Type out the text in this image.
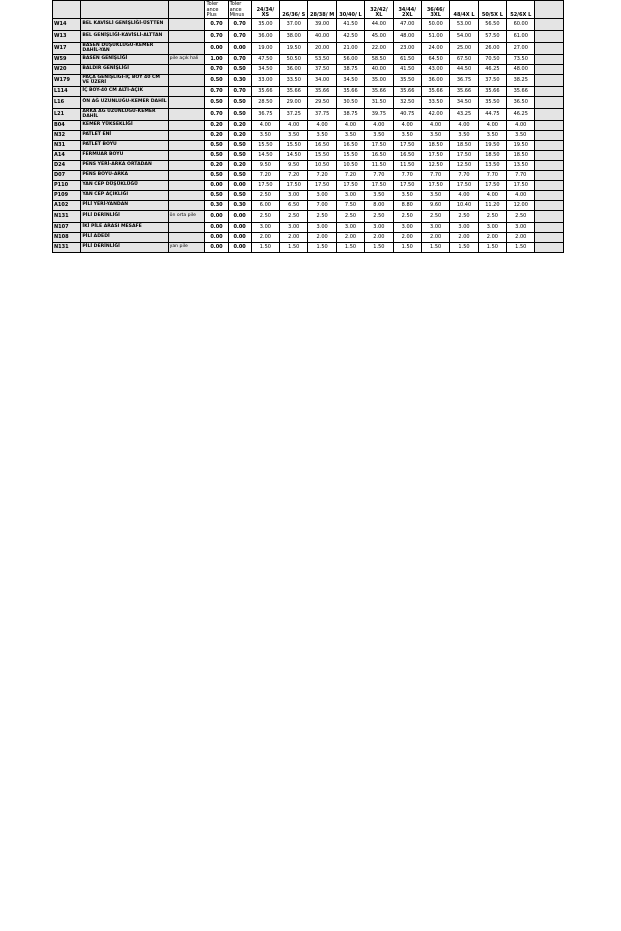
			Toler ance Plus	Toler ance Minus	24/34/ XS	26/36/ S	28/38/ M	30/40/ L	32/42/ XL	34/44/ 2XL	36/46/ 3XL	48/4X L	50/5X L	52/6X L	
W14	BEL KAVİSLİ GENİŞLİĞİ-ÜSTTEN		0.70	0.70	35.00	37.00	39.00	41.50	44.00	47.00	50.00	53.00	56.50	60.00	
W13	BEL GENİŞLİĞİ-KAVİSLİ-ALTTAN		0.70	0.70	36.00	38.00	40.00	42.50	45.00	48.00	51.00	54.00	57.50	61.00	
W17	BASEN DÜŞÜKLÜĞÜ-KEMER DAHİL-YAN		0.00	0.00	19.00	19.50	20.00	21.00	22.00	23.00	24.00	25.00	26.00	27.00	
W59	BASEN GENİŞLİĞİ	pile açık hali	1.00	0.70	47.50	50.50	53.50	56.00	58.50	61.50	64.50	67.50	70.50	73.50	
W20	BALDIR GENİŞLİĞİ		0.70	0.50	34.50	36.00	37.50	38.75	40.00	41.50	43.00	44.50	46.25	48.00	
W179	PAÇA GENİŞLİĞİ-İÇ BOY 40 CM VE ÜZERİ		0.50	0.30	33.00	33.50	34.00	34.50	35.00	35.50	36.00	36.75	37.50	38.25	
L114	İÇ BOY-40 CM ALTI-AÇIK		0.70	0.70	35.66	35.66	35.66	35.66	35.66	35.66	35.66	35.66	35.66	35.66	
L16	ÖN AĞ UZUNLUĞU-KEMER DAHİL		0.50	0.50	28.50	29.00	29.50	30.50	31.50	32.50	33.50	34.50	35.50	36.50	
L21	ARKA AĞ UZUNLUĞU-KEMER DAHİL		0.70	0.50	36.75	37.25	37.75	38.75	39.75	40.75	42.00	43.25	44.75	46.25	
B04	KEMER YÜKSEKLİĞİ		0.20	0.20	4.00	4.00	4.00	4.00	4.00	4.00	4.00	4.00	4.00	4.00	
N32	PATLET ENİ		0.20	0.20	3.50	3.50	3.50	3.50	3.50	3.50	3.50	3.50	3.50	3.50	
N31	PATLET BOYU		0.50	0.50	15.50	15.50	16.50	16.50	17.50	17.50	18.50	18.50	19.50	19.50	
A14	FERMUAR BOYU		0.50	0.50	14.50	14.50	15.50	15.50	16.50	16.50	17.50	17.50	18.50	18.50	
D24	PENS YERİ-ARKA ORTADAN		0.20	0.20	9.50	9.50	10.50	10.50	11.50	11.50	12.50	12.50	13.50	13.50	
D07	PENS BOYU-ARKA		0.50	0.50	7.20	7.20	7.20	7.20	7.70	7.70	7.70	7.70	7.70	7.70	
P110	YAN CEP DÜŞÜKLÜĞÜ		0.00	0.00	17.50	17.50	17.50	17.50	17.50	17.50	17.50	17.50	17.50	17.50	
P109	YAN CEP AÇIKLIĞI		0.50	0.50	2.50	3.00	3.00	3.00	3.50	3.50	3.50	4.00	4.00	4.00	
A102	PİLİ YERİ-YANDAN		0.30	0.30	6.00	6.50	7.00	7.50	8.00	8.80	9.60	10.40	11.20	12.00	
N131	PİLİ DERİNLİĞİ	ön orta pile	0.00	0.00	2.50	2.50	2.50	2.50	2.50	2.50	2.50	2.50	2.50	2.50	
N107	İKİ PİLE ARASI MESAFE		0.00	0.00	3.00	3.00	3.00	3.00	3.00	3.00	3.00	3.00	3.00	3.00	
N108	PİLİ ADEDİ		0.00	0.00	2.00	2.00	2.00	2.00	2.00	2.00	2.00	2.00	2.00	2.00	
N131	PİLİ DERİNLİĞİ	yan pile	0.00	0.00	1.50	1.50	1.50	1.50	1.50	1.50	1.50	1.50	1.50	1.50	
